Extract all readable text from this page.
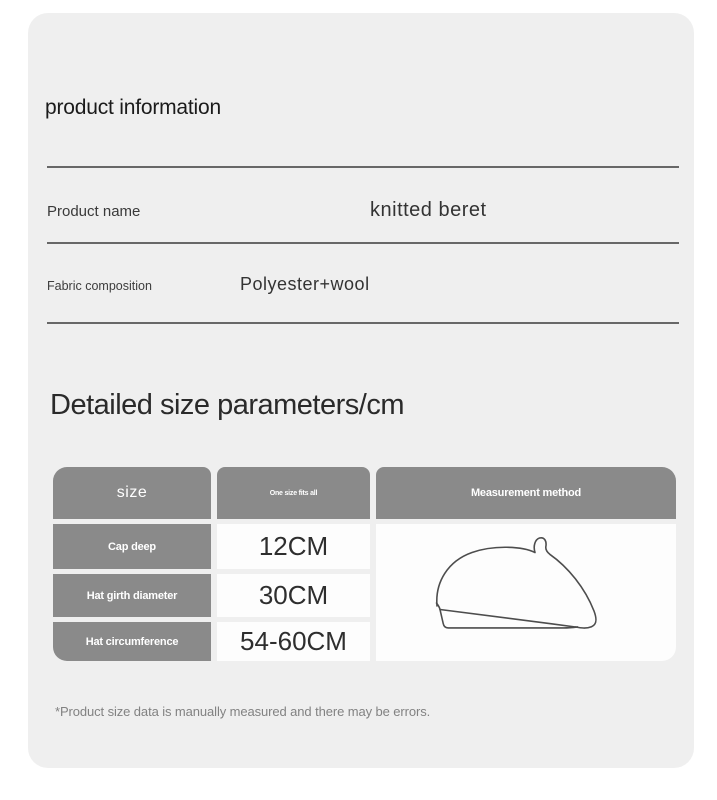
product information
Product name	knitted beret
Fabric composition	Polyester+wool
Detailed size parameters/cm
size	One size fits all	Measurement method
Cap deep	12CM
Hat girth diameter	30CM
Hat circumference	54-60CM
*Product size data is manually measured and there may be errors.
